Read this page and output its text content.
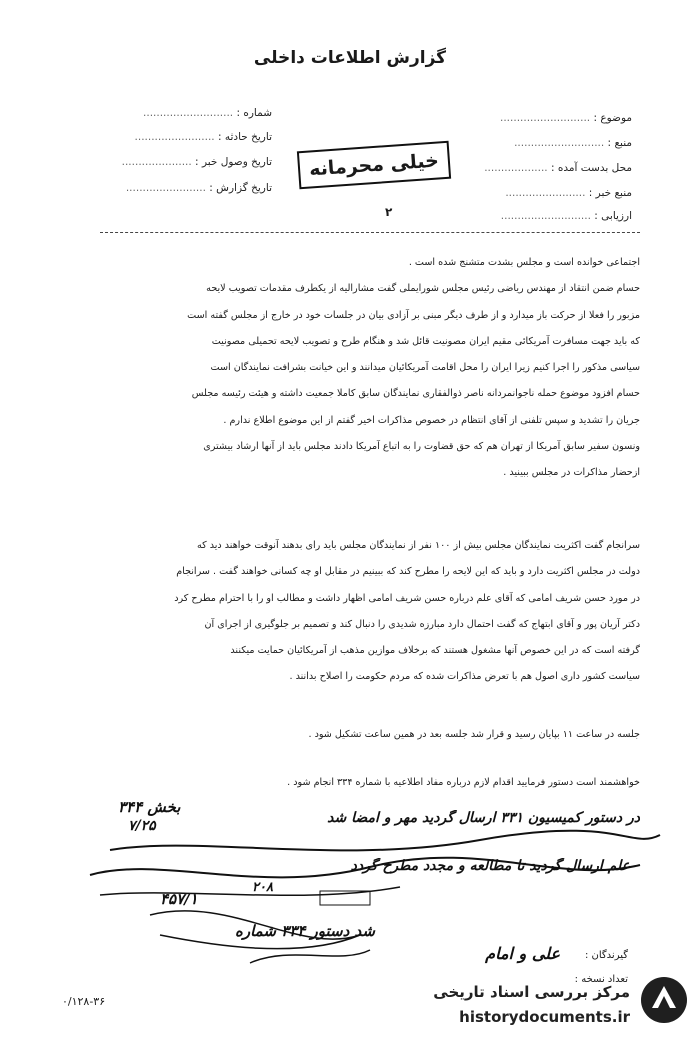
گزارش اطلاعات داخلی
موضوع : ...........................
منبع : ...........................
محل بدست آمده : ...................
منبع خبر : ........................
ارزیابی : ...........................
شماره : ...........................
تاریخ حادثه : ........................
تاریخ وصول خبر : .....................
تاریخ گزارش : ........................
خیلی محرمانه
۲
اجتماعی خوانده است و مجلس بشدت متشنج شده است .
حسام ضمن انتقاد از مهندس ریاضی رئیس مجلس شورایملی گفت مشارالیه از یکطرف مقدمات تصویب لایحه
مزبور را فعلا از حرکت باز میدارد و از طرف دیگر مبنی بر آزادی بیان در جلسات خود در خارج از مجلس گفته است
که باید جهت مسافرت آمریکائی مقیم ایران مصونیت قائل شد و هنگام طرح و تصویب لایحه تحمیلی مصونیت
سیاسی مذکور را اجرا کنیم زیرا ایران را محل اقامت آمریکائیان میدانند و این خیانت بشرافت نمایندگان است
حسام افزود موضوع حمله ناجوانمردانه ناصر ذوالفقاری نمایندگان سابق کاملا جمعیت داشته و هیئت رئیسه مجلس
جریان را تشدید و سپس تلفنی از آقای انتظام در خصوص مذاکرات اخیر گفتم از این موضوع اطلاع ندارم .
ونسون سفیر سابق آمریکا از تهران هم که حق قضاوت را به اتباع آمریکا دادند مجلس باید از آنها ارشاد بیشتری
ازحضار مذاکرات در مجلس ببینید .
سرانجام گفت اکثریت نمایندگان مجلس بیش از ۱۰۰ نفر از نمایندگان مجلس باید رای بدهند آنوقت خواهند دید که
دولت در مجلس اکثریت دارد و باید که این لایحه را مطرح کند که ببینیم در مقابل او چه کسانی خواهند گفت . سرانجام
در مورد حسن شریف امامی که آقای علم درباره حسن شریف امامی اظهار داشت و مطالب او را با احترام مطرح کرد
دکتر آریان پور و آقای ابتهاج که گفت احتمال دارد مبارزه شدیدی را دنبال کند و تصمیم بر جلوگیری از اجرای آن
گرفته است که در این خصوص آنها مشغول هستند که برخلاف موازین مذهب از آمریکائیان حمایت میکنند
سیاست کشور داری اصول هم با تعرض مذاکرات شده که مردم حکومت را اصلاح بدانند .
جلسه در ساعت ۱۱ بپایان رسید و قرار شد جلسه بعد در همین ساعت تشکیل شود .
خواهشمند است دستور فرمایید اقدام لازم درباره مفاد اطلاعیه با شماره ۳۳۴ انجام شود .
بخش ۳۴۴
۷/۲۵	در دستور کمیسیون ۳۳۱ ارسال گردید مهر و امضا شد
علم ارسال گردید تا مطالعه و مجدد مطرح گردد
۲۰۸
۴۵۷/۱
شد دستور ۳۳۴ شماره
گیرندگان :
علی و امام
تعداد نسخه :
۰/۱۲۸-۳۶
مرکز بررسی اسناد تاریخی
historydocuments.ir
